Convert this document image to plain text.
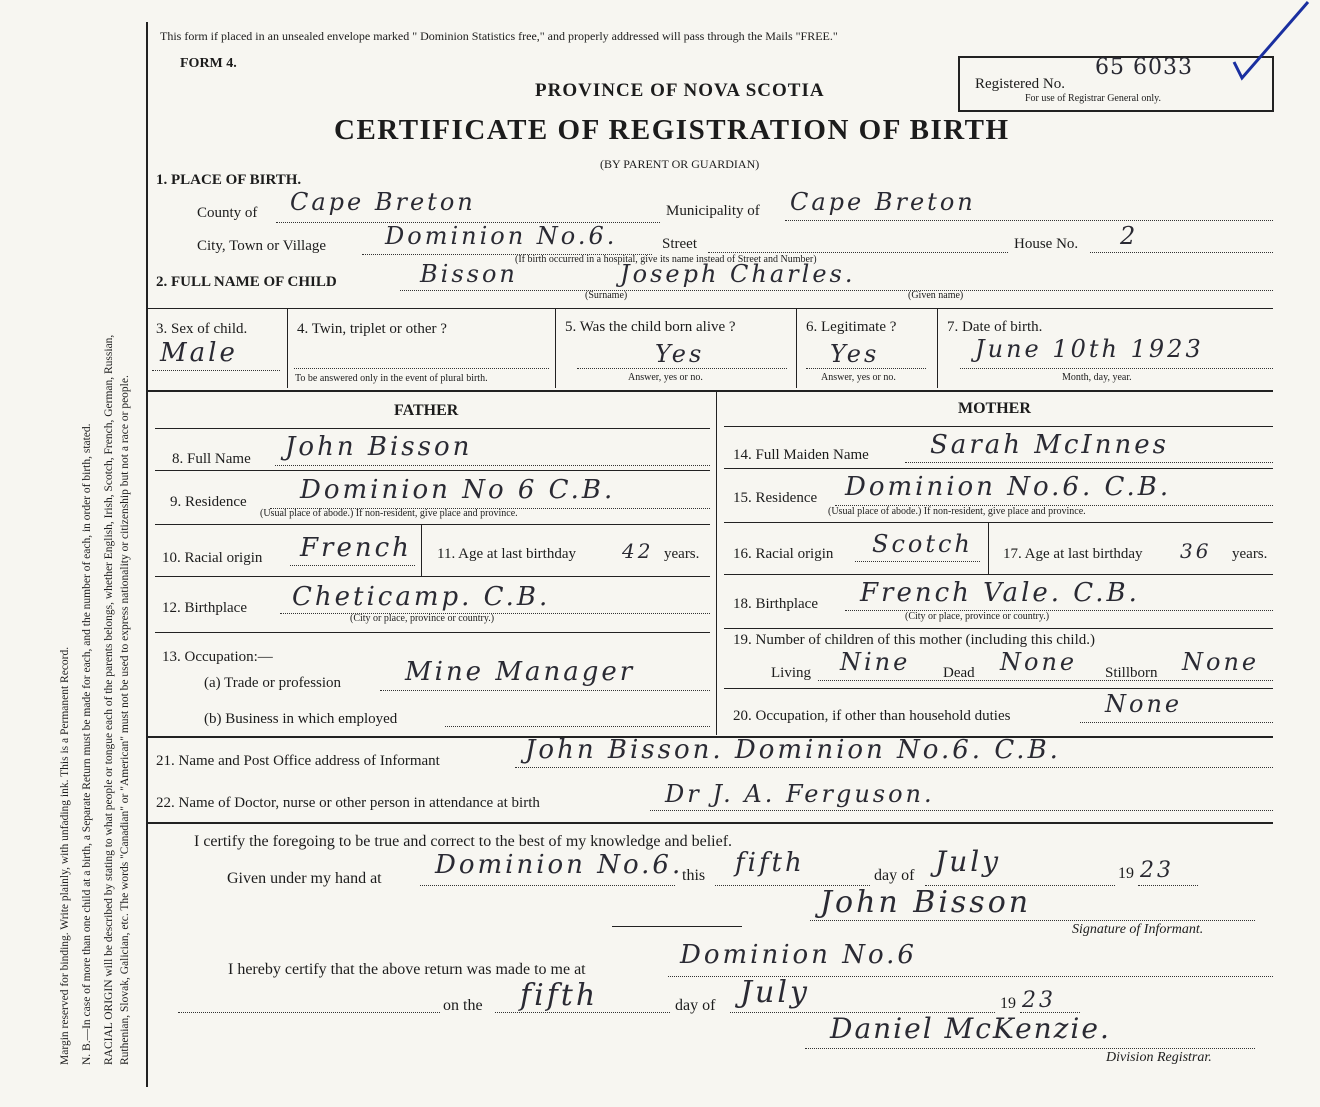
Margin reserved for binding. Write plainly, with unfading ink. This is a Permanent Record. N. B.—In case of more than one child at a birth, a Separate Return must be made for each, and the number of each, in order of birth, stated. RACIAL ORIGIN will be described by stating to what people or tongue each of the parents belongs, whether English, Irish, Scotch, French, German, Russian, Ruthenian, Slovak, Galician, etc. The words "Canadian" or "American" must not be used to express nationality or citizenship but not a race or people.
This form if placed in an unsealed envelope marked " Dominion Statistics free," and properly addressed will pass through the Mails "FREE."
FORM 4.
PROVINCE OF NOVA SCOTIA
CERTIFICATE OF REGISTRATION OF BIRTH
(BY PARENT OR GUARDIAN)
Registered No.
65 6033
For use of Registrar General only.
1. PLACE OF BIRTH.
County of Cape Breton	Municipality of Cape Breton
City, Town or Village Dominion No.6.	Street
(If birth occurred in a hospital, give its name instead of Street and Number)
House No. 2
2. FULL NAME OF CHILD	Bisson	Joseph Charles.
(Surname)	(Given name)
3. Sex of child.
Male
4. Twin, triplet or other ?
To be answered only in the event of plural birth.
5. Was the child born alive ?
Yes
Answer, yes or no.
6. Legitimate ?
Yes
Answer, yes or no.
7. Date of birth.
June 10th 1923
Month, day, year.
FATHER
8. Full Name John Bisson
9. Residence Dominion No 6 C.B.
(Usual place of abode.) If non-resident, give place and province.
10. Racial origin French 11. Age at last birthday 42 years.
12. Birthplace Cheticamp. C.B.
(City or place, province or country.)
13. Occupation:—
(a) Trade or profession Mine Manager
(b) Business in which employed
MOTHER
14. Full Maiden Name Sarah McInnes
15. Residence Dominion No.6. C.B.
(Usual place of abode.) If non-resident, give place and province.
16. Racial origin Scotch 17. Age at last birthday 36 years.
18. Birthplace French Vale. C.B.
(City or place, province or country.)
19. Number of children of this mother (including this child.)
Living Nine Dead None Stillborn None
20. Occupation, if other than household duties	None
21. Name and Post Office address of Informant	John Bisson. Dominion No.6. C.B.
22. Name of Doctor, nurse or other person in attendance at birth	Dr J. A. Ferguson.
I certify the foregoing to be true and correct to the best of my knowledge and belief.
Given under my hand at Dominion No.6.
this fifth	day of July	19 23
John Bisson
Signature of Informant.
I hereby certify that the above return was made to me at	Dominion No.6
on the fifth	day of July	19 23
Daniel McKenzie.
Division Registrar.
